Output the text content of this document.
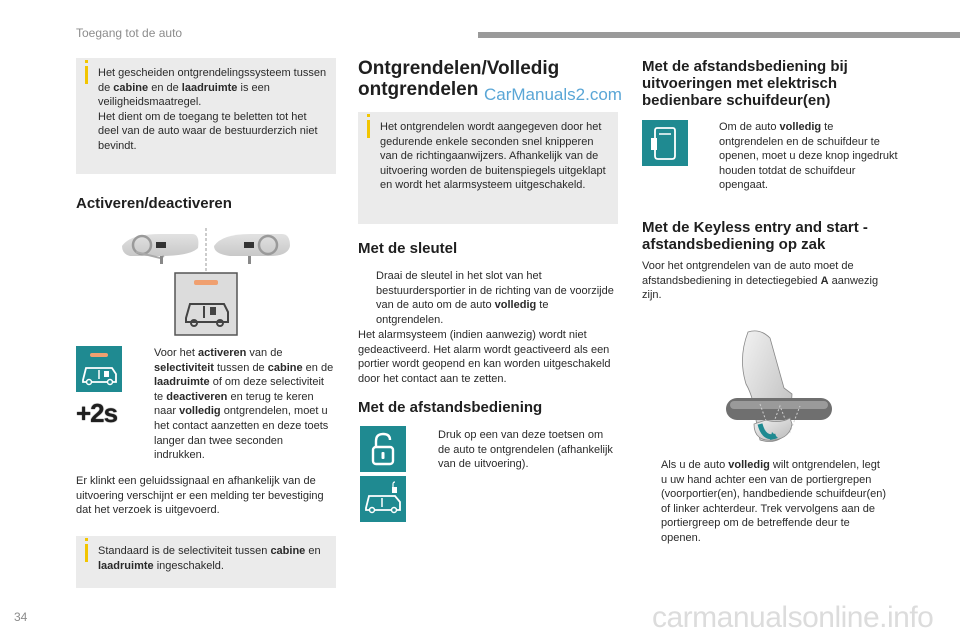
Toegang tot de auto

Het gescheiden ontgrendelingssysteem tussen de cabine en de laadruimte is een veiligheidsmaatregel.

Het dient om de toegang te beletten tot het deel van de auto waar de bestuurderzich niet bevindt.

Activeren/deactiveren
+2s

Voor het activeren van de selectiviteit tussen de cabine en de laadruimte of om deze selectiviteit te deactiveren en terug te keren naar volledig ontgrendelen, moet u het contact aanzetten en deze toets langer dan twee seconden indrukken.

Er klinkt een geluidssignaal en afhankelijk van de uitvoering verschijnt er een melding ter bevestiging dat het verzoek is uitgevoerd.

Standaard is de selectiviteit tussen cabine en laadruimte ingeschakeld.

Ontgrendelen/Volledig ontgrendelen CarManuals2.com

Het ontgrendelen wordt aangegeven door het gedurende enkele seconden snel knipperen van de richtingaanwijzers. Afhankelijk van de uitvoering worden de buitenspiegels uitgeklapt en wordt het alarmsysteem uitgeschakeld.

Met de sleutel

Draai de sleutel in het slot van het bestuurdersportier in de richting van de voorzijde van de auto om de auto volledig te ontgrendelen.

Het alarmsysteem (indien aanwezig) wordt niet gedeactiveerd. Het alarm wordt geactiveerd als een portier wordt geopend en kan worden uitgeschakeld door het contact aan te zetten.
Met de afstandsbediening
Druk op een van deze toetsen om de auto te ontgrendelen (afhankelijk van de uitvoering).
Met de afstandsbediening bij uitvoeringen met elektrisch bedienbare schuifdeur(en)

Om de auto volledig te ontgrendelen en de schuifdeur te openen, moet u deze knop ingedrukt houden totdat de schuifdeur opengaat.

Met de Keyless entry and start -afstandsbediening op zak

Voor het ontgrendelen van de auto moet de afstandsbediening in detectiegebied A aanwezig zijn.

Als u de auto volledig wilt ontgrendelen, legt u uw hand achter een van de portiergrepen (voorportier(en), handbediende schuifdeur(en) of linker achterdeur. Trek vervolgens aan de portiergreep om de betreffende deur te openen.

34	carmanualsonline.info
